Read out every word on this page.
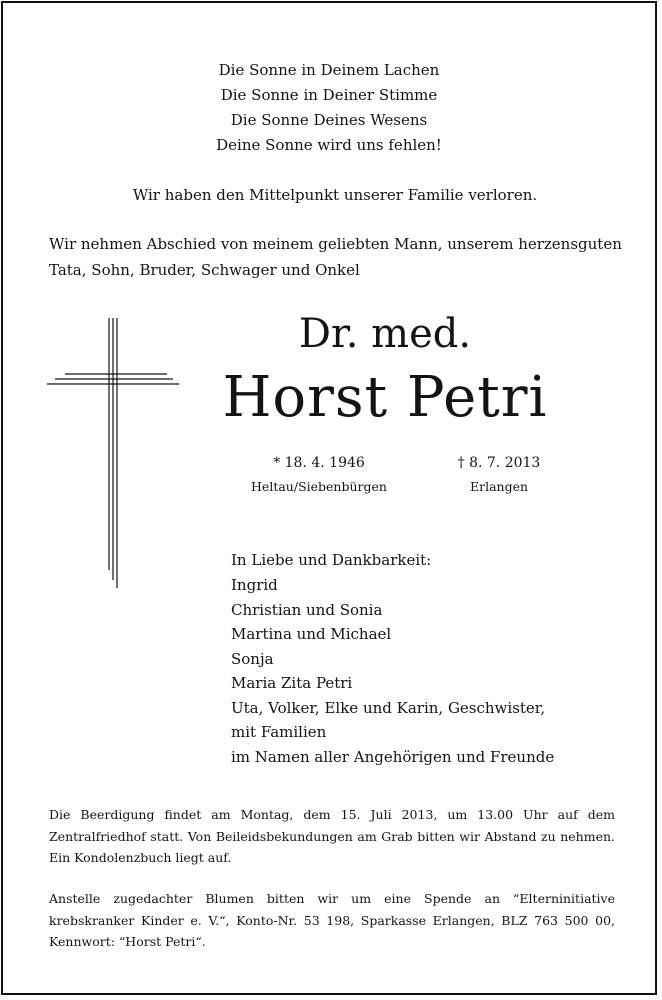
Die Sonne in Deinem Lachen
Die Sonne in Deiner Stimme
Die Sonne Deines Wesens
Deine Sonne wird uns fehlen!
Wir haben den Mittelpunkt unserer Familie verloren.
Wir nehmen Abschied von meinem geliebten Mann, unserem herzensguten
Tata, Sohn, Bruder, Schwager und Onkel
Dr. med.
Horst Petri
* 18. 4. 1946
Heltau/Siebenbürgen
† 8. 7. 2013
Erlangen
In Liebe und Dankbarkeit:
Ingrid
Christian und Sonia
Martina und Michael
Sonja
Maria Zita Petri
Uta, Volker, Elke und Karin, Geschwister,
mit Familien
im Namen aller Angehörigen und Freunde
Die Beerdigung findet am Montag, dem 15. Juli 2013, um 13.00 Uhr auf dem Zentralfriedhof statt. Von Beileidsbekundungen am Grab bitten wir Abstand zu nehmen. Ein Kondolenzbuch liegt auf.
Anstelle zugedachter Blumen bitten wir um eine Spende an “Elterninitiative krebskranker Kinder e. V.“, Konto-Nr. 53 198, Sparkasse Erlangen, BLZ 763 500 00, Kennwort: “Horst Petri“.
